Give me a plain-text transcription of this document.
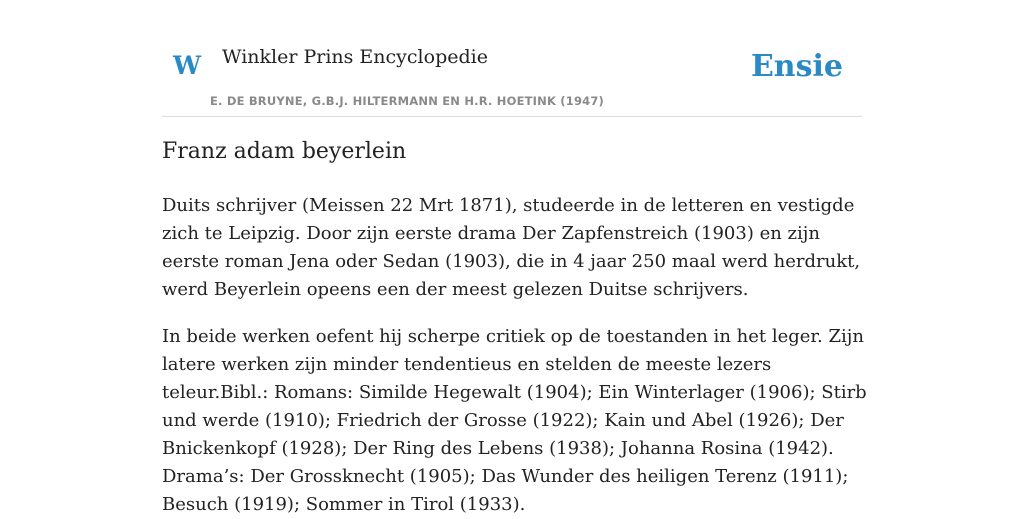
W Winkler Prins Encyclopedie
E. DE BRUYNE, G.B.J. HILTERMANN EN H.R. HOETINK (1947)
Ensie
Franz adam beyerlein

Duits schrijver (Meissen 22 Mrt 1871), studeerde in de letteren en vestigde zich te Leipzig. Door zijn eerste drama Der Zapfenstreich (1903) en zijn eerste roman Jena oder Sedan (1903), die in 4 jaar 250 maal werd herdrukt, werd Beyerlein opeens een der meest gelezen Duitse schrijvers.

In beide werken oefent hij scherpe critiek op de toestanden in het leger. Zijn latere werken zijn minder tendentieus en stelden de meeste lezers teleur.Bibl.: Romans: Similde Hegewalt (1904); Ein Winterlager (1906); Stirb und werde (1910); Friedrich der Grosse (1922); Kain und Abel (1926); Der Bnickenkopf (1928); Der Ring des Lebens (1938); Johanna Rosina (1942). Drama’s: Der Grossknecht (1905); Das Wunder des heiligen Terenz (1911); Besuch (1919); Sommer in Tirol (1933).
